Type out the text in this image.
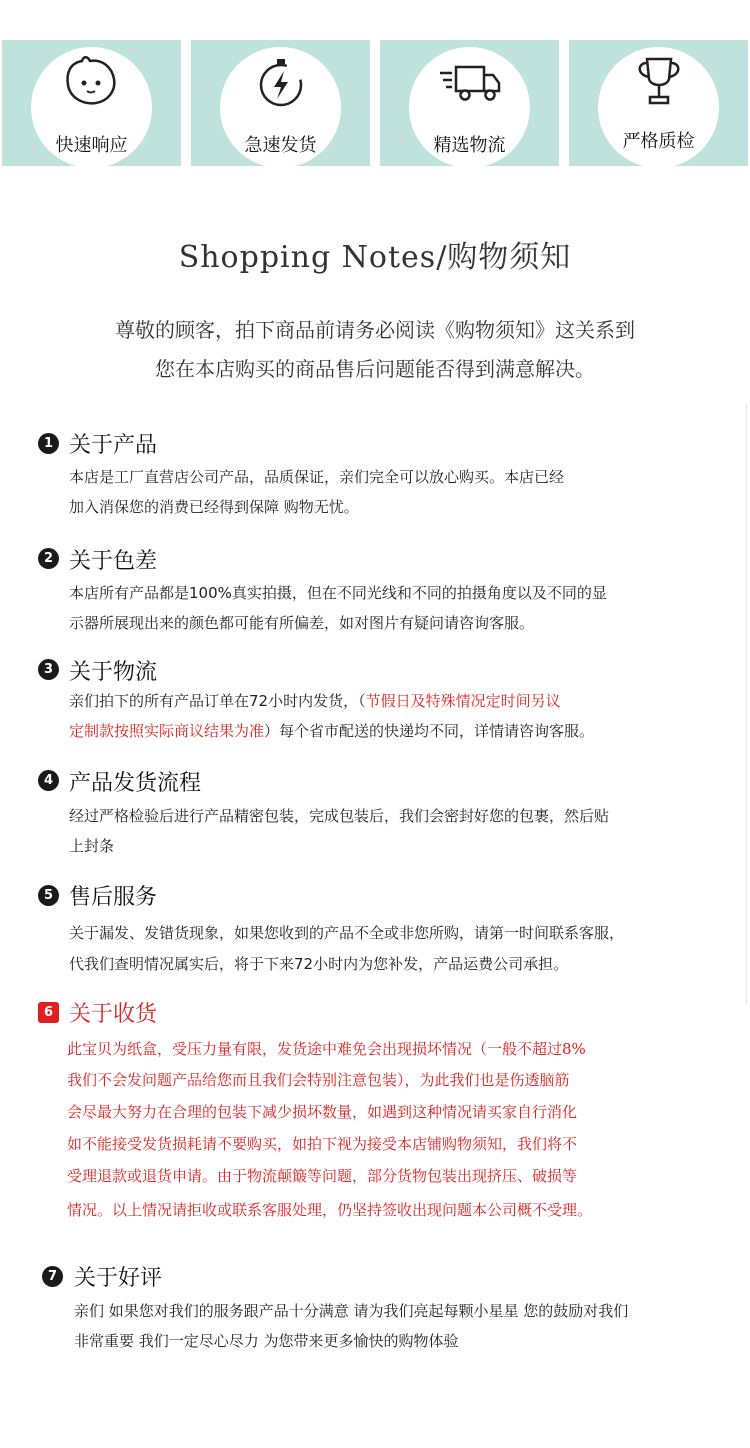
快速响应	急速发货	精选物流	严格质检
Shopping Notes/购物须知
尊敬的顾客，拍下商品前请务必阅读《购物须知》这关系到
您在本店购买的商品售后问题能否得到满意解决。
1 关于产品
本店是工厂直营店公司产品，品质保证，亲们完全可以放心购买。本店已经
加入消保您的消费已经得到保障 购物无忧。
2 关于色差
本店所有产品都是100%真实拍摄，但在不同光线和不同的拍摄角度以及不同的显
示器所展现出来的颜色都可能有所偏差，如对图片有疑问请咨询客服。
3 关于物流
亲们拍下的所有产品订单在72小时内发货，（节假日及特殊情况定时间另议
定制款按照实际商议结果为准）每个省市配送的快递均不同，详情请咨询客服。
4 产品发货流程
经过严格检验后进行产品精密包装，完成包装后，我们会密封好您的包裹，然后贴
上封条
5 售后服务
关于漏发、发错货现象，如果您收到的产品不全或非您所购，请第一时间联系客服，
代我们查明情况属实后，将于下来72小时内为您补发，产品运费公司承担。
6 关于收货
此宝贝为纸盒，受压力量有限，发货途中难免会出现损坏情况（一般不超过8%
我们不会发问题产品给您而且我们会特别注意包装），为此我们也是伤透脑筋
会尽最大努力在合理的包装下减少损坏数量，如遇到这种情况请买家自行消化
如不能接受发货损耗请不要购买，如拍下视为接受本店铺购物须知，我们将不
受理退款或退货申请。由于物流颠簸等问题，部分货物包装出现挤压、破损等
情况。以上情况请拒收或联系客服处理，仍坚持签收出现问题本公司概不受理。
7 关于好评
亲们 如果您对我们的服务跟产品十分满意 请为我们亮起每颗小星星 您的鼓励对我们
非常重要 我们一定尽心尽力 为您带来更多愉快的购物体验
